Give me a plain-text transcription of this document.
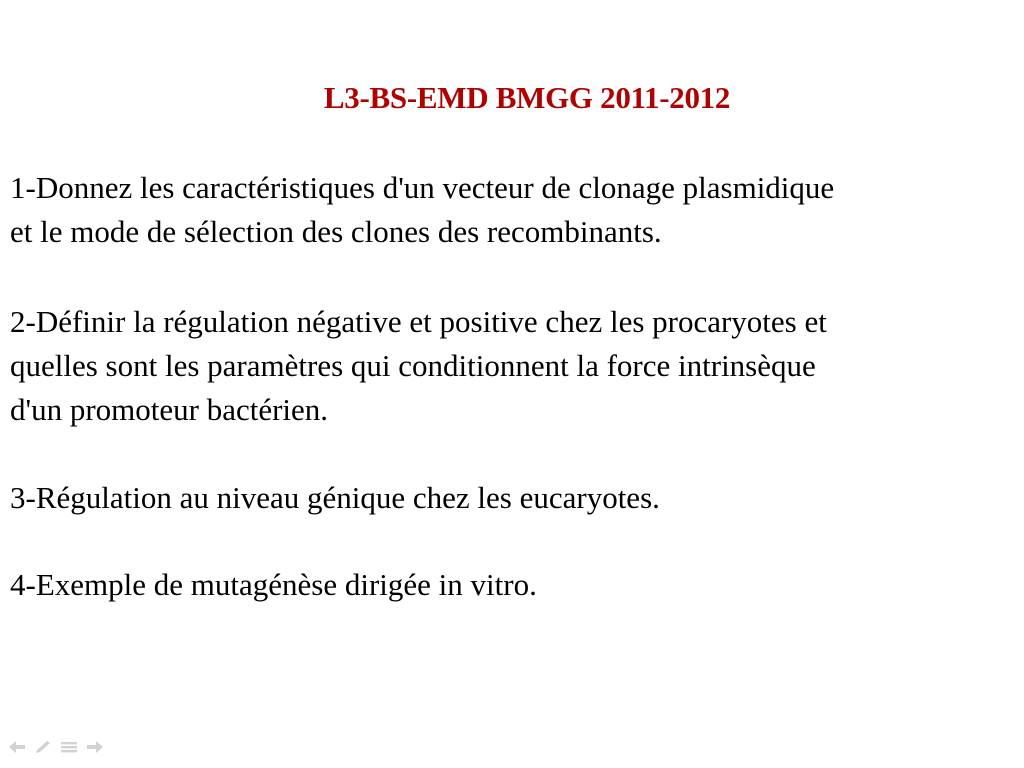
L3-BS-EMD BMGG 2011-2012
1-Donnez les caractéristiques d'un vecteur de clonage plasmidique
et le mode de sélection des clones des recombinants.
2-Définir la régulation négative et positive chez les procaryotes et
quelles sont les paramètres qui conditionnent la force intrinsèque
d'un promoteur bactérien.
3-Régulation au niveau génique chez les eucaryotes.
4-Exemple de mutagénèse dirigée in vitro.
